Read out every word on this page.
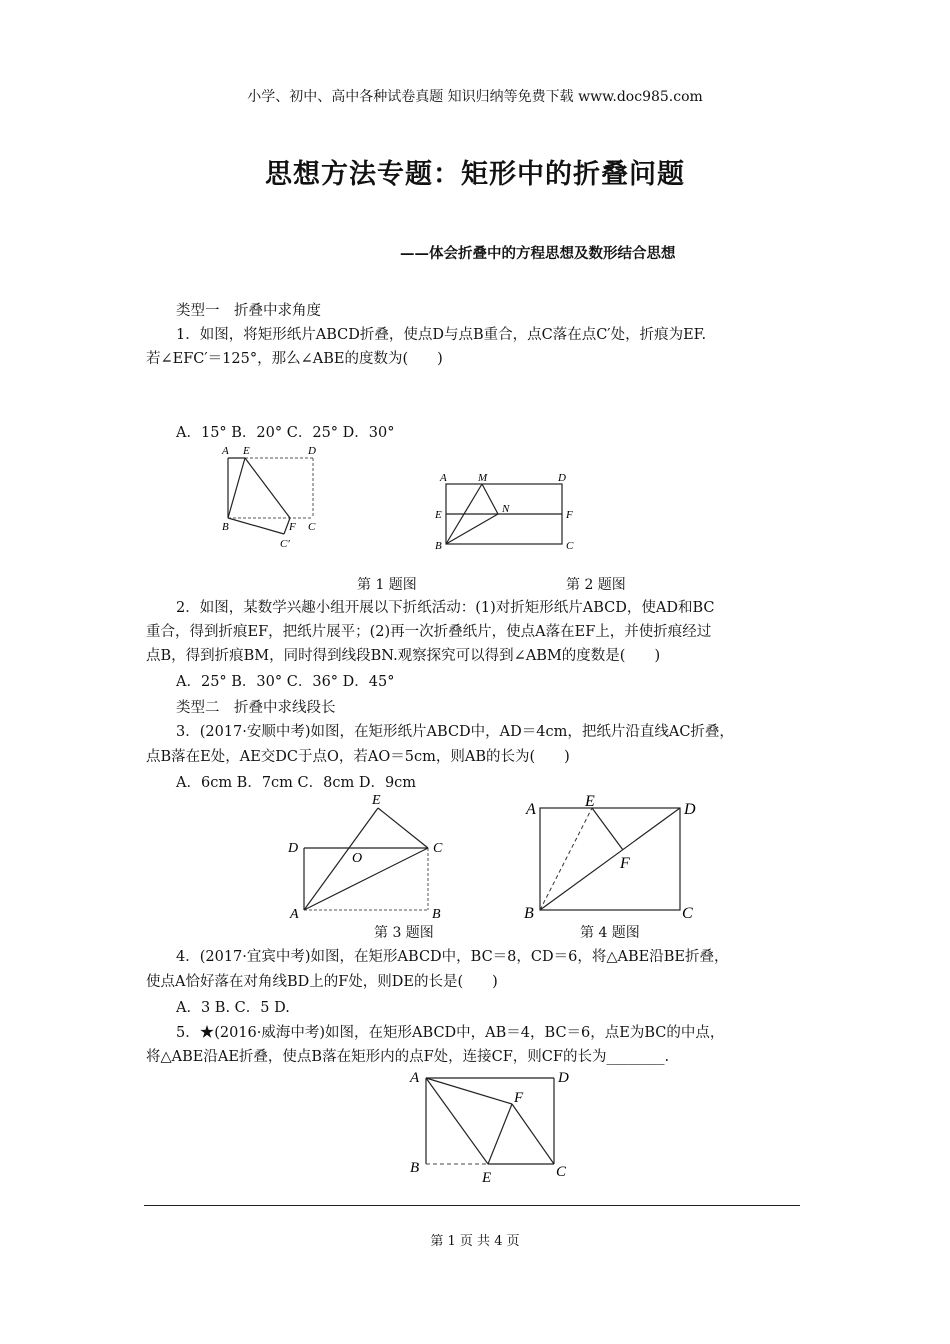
小学、初中、高中各种试卷真题 知识归纳等免费下载 www.doc985.com
思想方法专题：矩形中的折叠问题
——体会折叠中的方程思想及数形结合思想
类型一　折叠中求角度
1．如图，将矩形纸片ABCD折叠，使点D与点B重合，点C落在点C′处，折痕为EF.
若∠EFC′＝125°，那么∠ABE的度数为(　　)
A．15° B．20° C．25° D．30°
A E	D
B	F C
C′
A	M	D
E	N	F
B	C
第 1 题图	第 2 题图
2．如图，某数学兴趣小组开展以下折纸活动：(1)对折矩形纸片ABCD，使AD和BC
重合，得到折痕EF，把纸片展平；(2)再一次折叠纸片，使点A落在EF上，并使折痕经过
点B，得到折痕BM，同时得到线段BN.观察探究可以得到∠ABM的度数是(　　)
A．25° B．30° C．36° D．45°
类型二　折叠中求线段长
3．(2017·安顺中考)如图，在矩形纸片ABCD中，AD＝4cm，把纸片沿直线AC折叠，
点B落在E处，AE交DC于点O，若AO＝5cm，则AB的长为(　　)
A．6cm B．7cm C．8cm D．9cm
E
D
O
C
A	B
A	E	D
F
B	C
第 3 题图	第 4 题图
4．(2017·宜宾中考)如图，在矩形ABCD中，BC＝8，CD＝6，将△ABE沿BE折叠，
使点A恰好落在对角线BD上的F处，则DE的长是(　　)
A．3 B. C．5 D.
5．★(2016·威海中考)如图，在矩形ABCD中，AB＝4，BC＝6，点E为BC的中点，
将△ABE沿AE折叠，使点B落在矩形内的点F处，连接CF，则CF的长为________.
A	D
F
B
E	C
第 1 页 共 4 页
